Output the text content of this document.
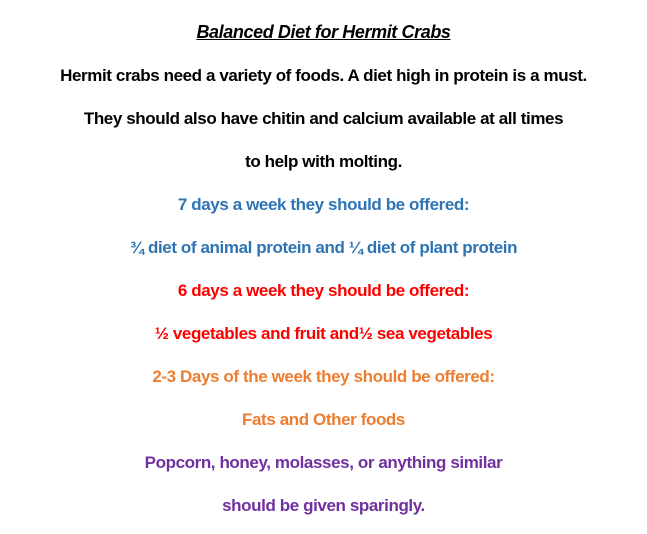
Balanced Diet for Hermit Crabs

Hermit crabs need a variety of foods. A diet high in protein is a must.

They should also have chitin and calcium available at all times

to help with molting.

7 days a week they should be offered:

¾ diet of animal protein and ¼ diet of plant protein

6 days a week they should be offered:

½ vegetables and fruit and½ sea vegetables

2-3 Days of the week they should be offered:

Fats and Other foods

Popcorn, honey, molasses, or anything similar

should be given sparingly.
